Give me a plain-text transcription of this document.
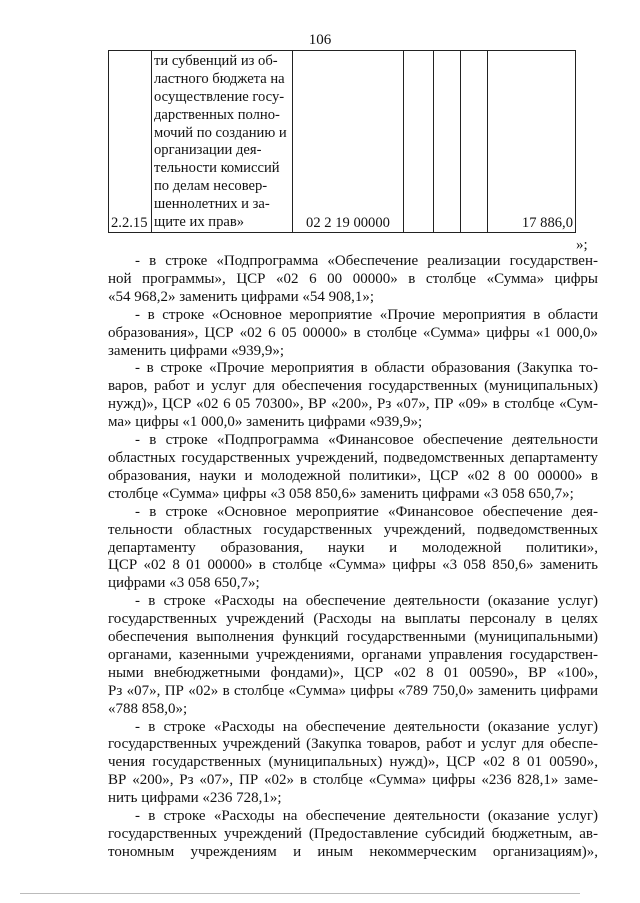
106
2.2.15	
ти субвенций из об-
ластного бюджета на
осуществление госу-
дарственных полно-
мочий по созданию и
организации дея-
тельности комиссий
по делам несовер-
шеннолетних и за-
щите их прав»	02 2 19 00000				17 886,0
»;

- в строке «Подпрограмма «Обеспечение реализации государствен-

ной программы», ЦСР «02 6 00 00000» в столбце «Сумма» цифры

«54 968,2» заменить цифрами «54 908,1»;

- в строке «Основное мероприятие «Прочие мероприятия в области

образования», ЦСР «02 6 05 00000» в столбце «Сумма» цифры «1 000,0»

заменить цифрами «939,9»;

- в строке «Прочие мероприятия в области образования (Закупка то-

варов, работ и услуг для обеспечения государственных (муниципальных)

нужд)», ЦСР «02 6 05 70300», ВР «200», Рз «07», ПР «09» в столбце «Сум-

ма» цифры «1 000,0» заменить цифрами «939,9»;

- в строке «Подпрограмма «Финансовое обеспечение деятельности

областных государственных учреждений, подведомственных департаменту

образования, науки и молодежной политики», ЦСР «02 8 00 00000» в

столбце «Сумма» цифры «3 058 850,6» заменить цифрами «3 058 650,7»;

- в строке «Основное мероприятие «Финансовое обеспечение дея-

тельности областных государственных учреждений, подведомственных

департаменту образования, науки и молодежной политики»,

ЦСР «02 8 01 00000» в столбце «Сумма» цифры «3 058 850,6» заменить

цифрами «3 058 650,7»;

- в строке «Расходы на обеспечение деятельности (оказание услуг)

государственных учреждений (Расходы на выплаты персоналу в целях

обеспечения выполнения функций государственными (муниципальными)

органами, казенными учреждениями, органами управления государствен-

ными внебюджетными фондами)», ЦСР «02 8 01 00590», ВР «100»,

Рз «07», ПР «02» в столбце «Сумма» цифры «789 750,0» заменить цифрами

«788 858,0»;

- в строке «Расходы на обеспечение деятельности (оказание услуг)

государственных учреждений (Закупка товаров, работ и услуг для обеспе-

чения государственных (муниципальных) нужд)», ЦСР «02 8 01 00590»,

ВР «200», Рз «07», ПР «02» в столбце «Сумма» цифры «236 828,1» заме-

нить цифрами «236 728,1»;

- в строке «Расходы на обеспечение деятельности (оказание услуг)

государственных учреждений (Предоставление субсидий бюджетным, ав-

тономным учреждениям и иным некоммерческим организациям)»,
